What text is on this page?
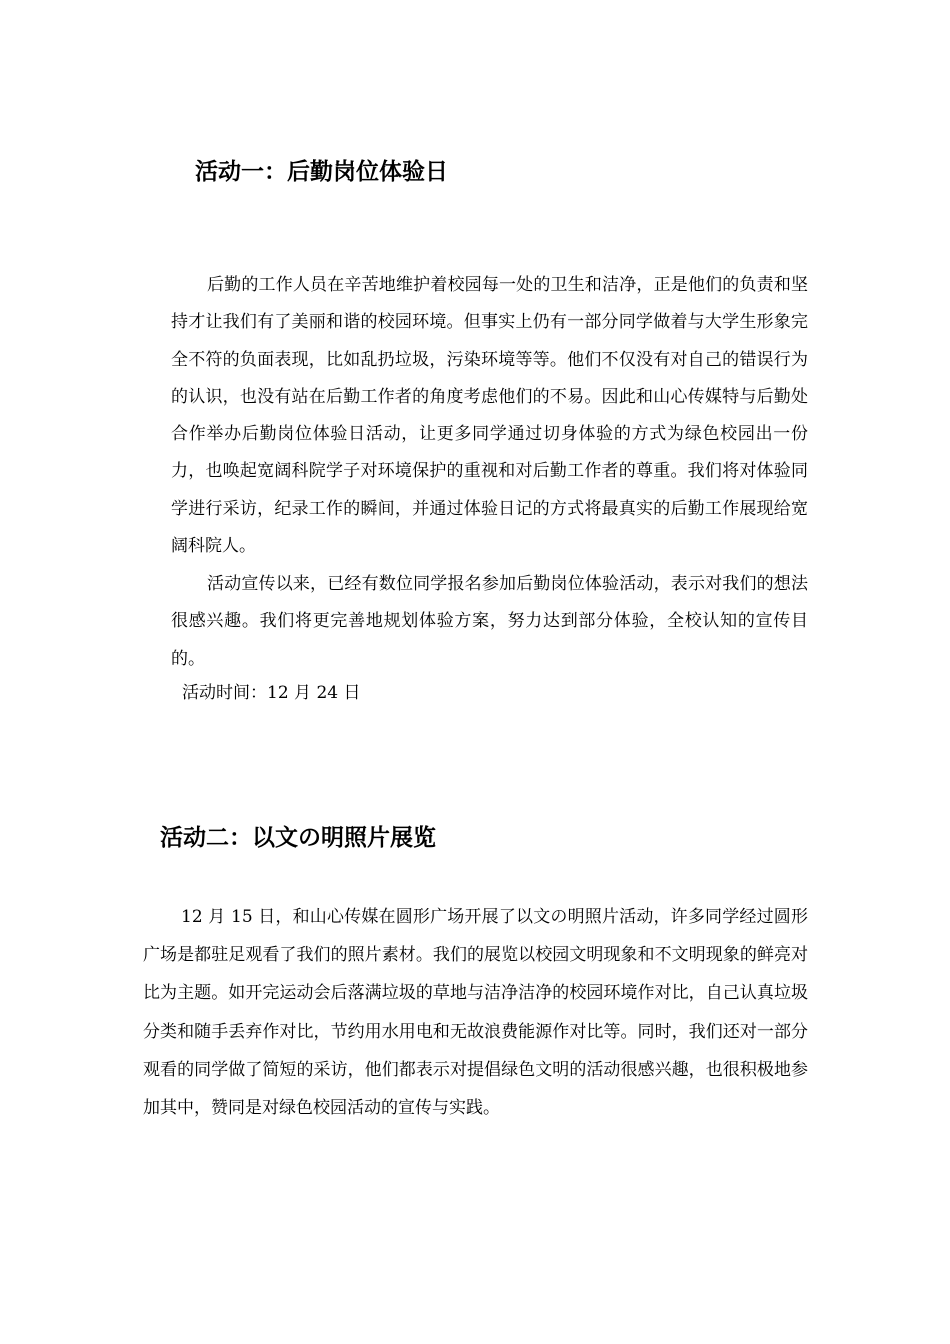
活动一：后勤岗位体验日

后勤的工作人员在辛苦地维护着校园每一处的卫生和洁净，正是他们的负责和坚持才让我们有了美丽和谐的校园环境。但事实上仍有一部分同学做着与大学生形象完全不符的负面表现，比如乱扔垃圾，污染环境等等。他们不仅没有对自己的错误行为的认识，也没有站在后勤工作者的角度考虑他们的不易。因此和山心传媒特与后勤处合作举办后勤岗位体验日活动，让更多同学通过切身体验的方式为绿色校园出一份力，也唤起宽阔科院学子对环境保护的重视和对后勤工作者的尊重。我们将对体验同学进行采访，纪录工作的瞬间，并通过体验日记的方式将最真实的后勤工作展现给宽阔科院人。

活动宣传以来，已经有数位同学报名参加后勤岗位体验活动，表示对我们的想法很感兴趣。我们将更完善地规划体验方案，努力达到部分体验，全校认知的宣传目的。

活动时间：12 月 24 日
活动二：以文の明照片展览

12 月 15 日，和山心传媒在圆形广场开展了以文の明照片活动，许多同学经过圆形广场是都驻足观看了我们的照片素材。我们的展览以校园文明现象和不文明现象的鲜亮对比为主题。如开完运动会后落满垃圾的草地与洁净洁净的校园环境作对比，自己认真垃圾分类和随手丢弃作对比，节约用水用电和无故浪费能源作对比等。同时，我们还对一部分观看的同学做了简短的采访，他们都表示对提倡绿色文明的活动很感兴趣，也很积极地参加其中，赞同是对绿色校园活动的宣传与实践。
